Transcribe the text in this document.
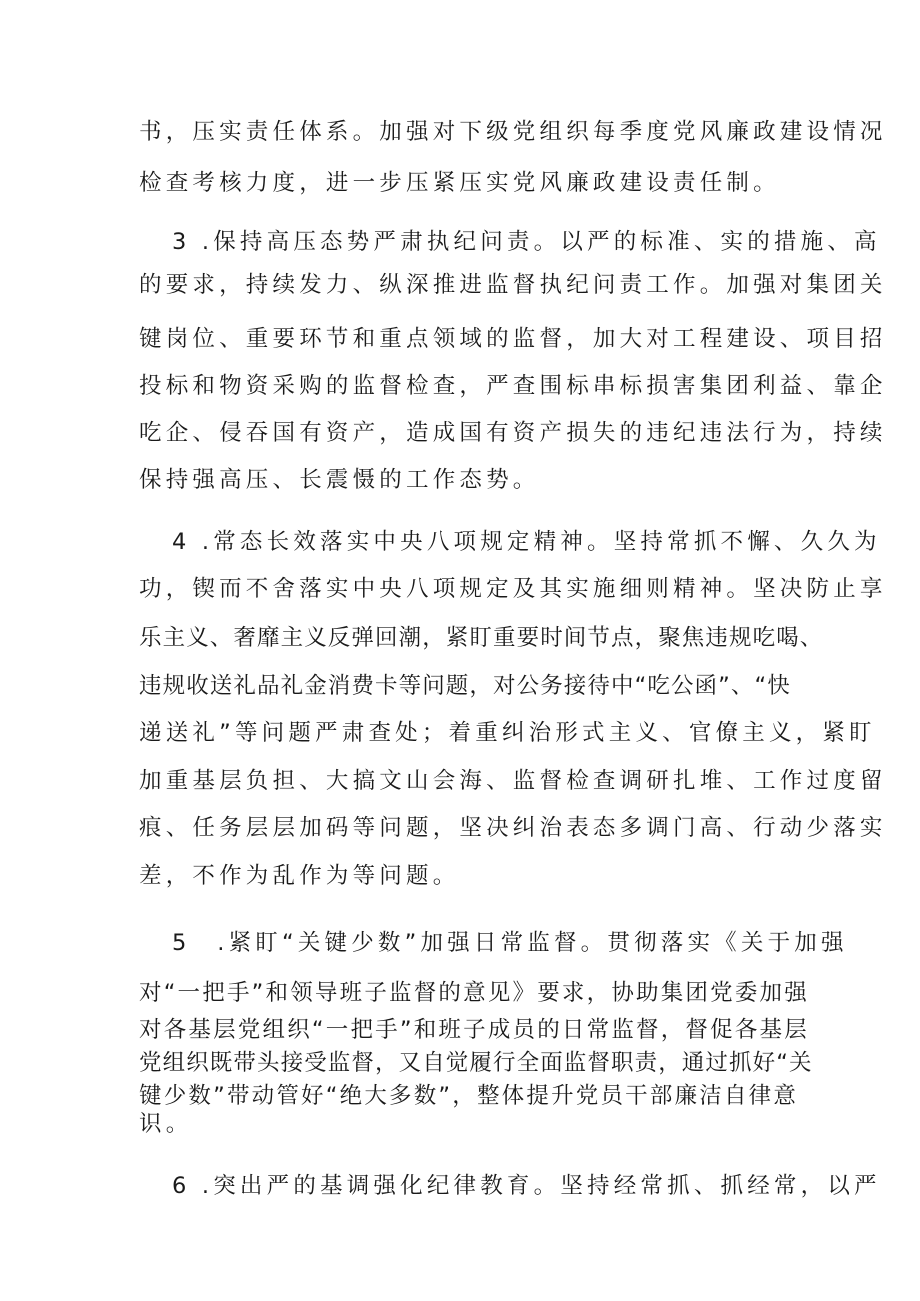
书，压实责任体系。加强对下级党组织每季度党风廉政建设情况
检查考核力度，进一步压紧压实党风廉政建设责任制。
3 .保持高压态势严肃执纪问责。以严的标准、实的措施、高
的要求，持续发力、纵深推进监督执纪问责工作。加强对集团关
键岗位、重要环节和重点领域的监督，加大对工程建设、项目招
投标和物资采购的监督检查，严查围标串标损害集团利益、靠企
吃企、侵吞国有资产，造成国有资产损失的违纪违法行为，持续
保持强高压、长震慑的工作态势。
4 .常态长效落实中央八项规定精神。坚持常抓不懈、久久为
功，锲而不舍落实中央八项规定及其实施细则精神。坚决防止享
乐主义、奢靡主义反弹回潮，紧盯重要时间节点，聚焦违规吃喝、
违规收送礼品礼金消费卡等问题，对公务接待中“吃公函”、“快
递送礼”等问题严肃查处；着重纠治形式主义、官僚主义，紧盯
加重基层负担、大搞文山会海、监督检查调研扎堆、工作过度留
痕、任务层层加码等问题，坚决纠治表态多调门高、行动少落实
差，不作为乱作为等问题。
5　.紧盯“关键少数”加强日常监督。贯彻落实《关于加强
对“一把手”和领导班子监督的意见》要求，协助集团党委加强
对各基层党组织“一把手”和班子成员的日常监督，督促各基层
党组织既带头接受监督，又自觉履行全面监督职责，通过抓好“关
键少数”带动管好“绝大多数”，整体提升党员干部廉洁自律意
识。
6 .突出严的基调强化纪律教育。坚持经常抓、抓经常，以严
